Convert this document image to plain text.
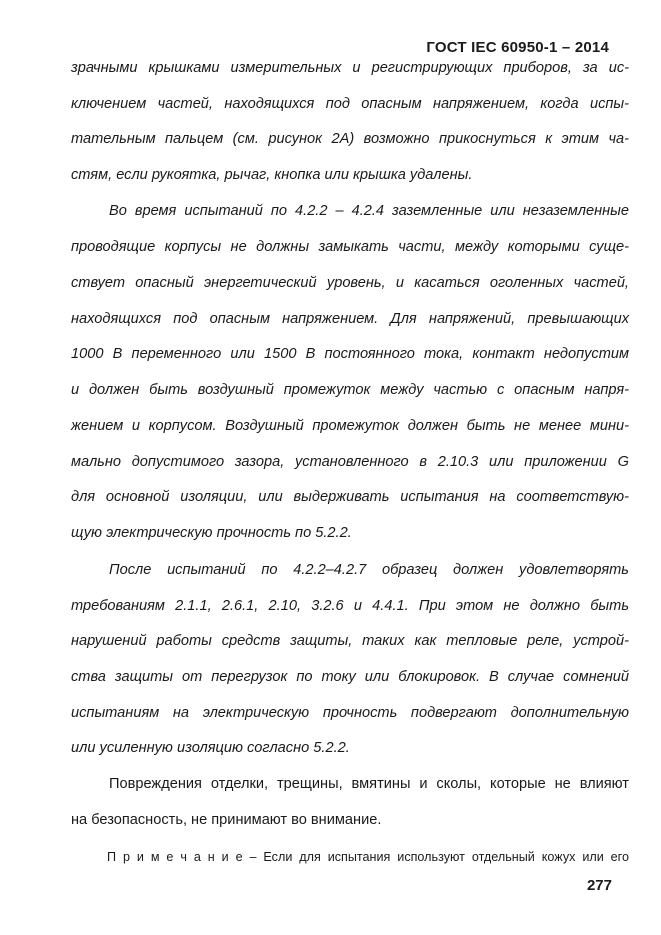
ГОСТ IEC 60950-1 – 2014
зрачными крышками измерительных и регистрирующих приборов, за ис-
ключением частей, находящихся под опасным напряжением, когда испы-
тательным пальцем (см. рисунок 2А) возможно прикоснуться к этим ча-
стям, если рукоятка, рычаг, кнопка или крышка удалены.
Во время испытаний по 4.2.2 – 4.2.4 заземленные или незаземленные
проводящие корпусы не должны замыкать части, между которыми суще-
ствует опасный энергетический уровень, и касаться оголенных частей,
находящихся под опасным напряжением. Для напряжений, превышающих
1000 В переменного или 1500 В постоянного тока, контакт недопустим
и должен быть воздушный промежуток между частью с опасным напря-
жением и корпусом. Воздушный промежуток должен быть не менее мини-
мально допустимого зазора, установленного в 2.10.3 или приложении G
для основной изоляции, или выдерживать испытания на соответствую-
щую электрическую прочность по 5.2.2.
После испытаний по 4.2.2–4.2.7 образец должен удовлетворять
требованиям 2.1.1, 2.6.1, 2.10, 3.2.6 и 4.4.1. При этом не должно быть
нарушений работы средств защиты, таких как тепловые реле, устрой-
ства защиты от перегрузок по току или блокировок. В случае сомнений
испытаниям на электрическую прочность подвергают дополнительную
или усиленную изоляцию согласно 5.2.2.
Повреждения отделки, трещины, вмятины и сколы, которые не влияют
на безопасность, не принимают во внимание.
П р и м е ч а н и е – Если для испытания используют отдельный кожух или его
277
